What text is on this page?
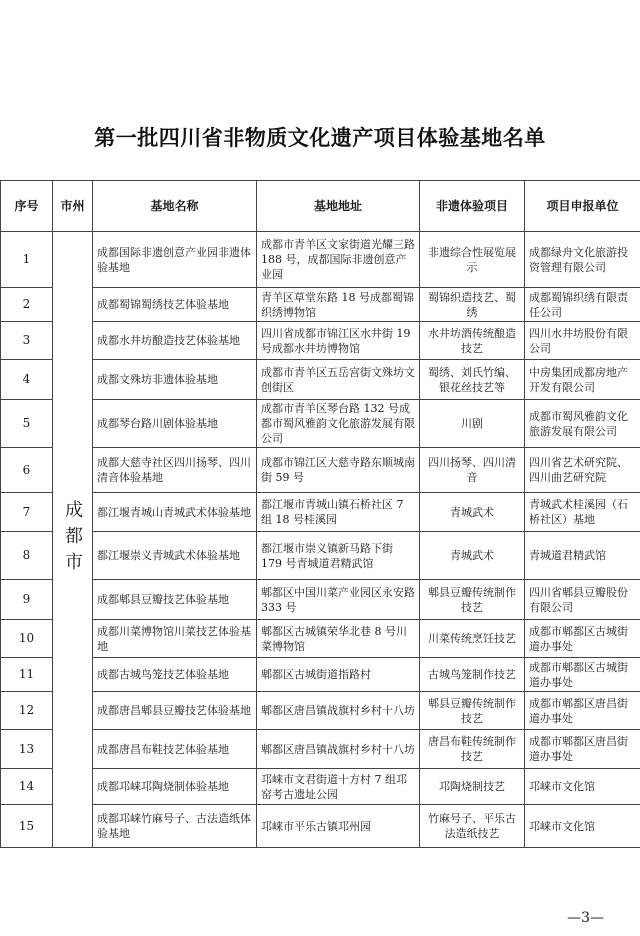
第一批四川省非物质文化遗产项目体验基地名单
序号	市州	基地名称	基地地址	非遗体验项目	项目申报单位
1	成都市	成都国际非遗创意产业园非遗体验基地	成都市青羊区文家街道光耀三路 188 号，成都国际非遗创意产业园	非遗综合性展览展示	成都绿舟文化旅游投资管理有限公司
2		成都蜀锦蜀绣技艺体验基地	青羊区草堂东路 18 号成都蜀锦织绣博物馆	蜀锦织造技艺、蜀绣	成都蜀锦织绣有限责任公司
3		成都水井坊酿造技艺体验基地	四川省成都市锦江区水井街 19 号成都水井坊博物馆	水井坊酒传统酿造技艺	四川水井坊股份有限公司
4		成都文殊坊非遗体验基地	成都市青羊区五岳宫街文殊坊文创街区	蜀绣、刘氏竹编、银花丝技艺等	中房集团成都房地产开发有限公司
5		成都琴台路川剧体验基地	成都市青羊区琴台路 132 号成都市蜀风雅韵文化旅游发展有限公司	川剧	成都市蜀风雅韵文化旅游发展有限公司
6		成都大慈寺社区四川扬琴、四川清音体验基地	成都市锦江区大慈寺路东顺城南街 59 号	四川扬琴、四川清音	四川省艺术研究院、四川曲艺研究院
7		都江堰青城山青城武术体验基地	都江堰市青城山镇石桥社区 7 组 18 号桂溪园	青城武术	青城武术桂溪园（石桥社区）基地
8		都江堰崇义青城武术体验基地	都江堰市崇义镇新马路下街 179 号青城道君精武馆	青城武术	青城道君精武馆
9		成都郫县豆瓣技艺体验基地	郫都区中国川菜产业园区永安路 333 号	郫县豆瓣传统制作技艺	四川省郫县豆瓣股份有限公司
10		成都川菜博物馆川菜技艺体验基地	郫都区古城镇荣华北巷 8 号川菜博物馆	川菜传统烹饪技艺	成都市郫都区古城街道办事处
11		成都古城鸟笼技艺体验基地	郫都区古城街道指路村	古城鸟笼制作技艺	成都市郫都区古城街道办事处
12		成都唐昌郫县豆瓣技艺体验基地	郫都区唐昌镇战旗村乡村十八坊	郫县豆瓣传统制作技艺	成都市郫都区唐昌街道办事处
13		成都唐昌布鞋技艺体验基地	郫都区唐昌镇战旗村乡村十八坊	唐昌布鞋传统制作技艺	成都市郫都区唐昌街道办事处
14		成都邛崃邛陶烧制体验基地	邛崃市文君街道十方村 7 组邛窑考古遗址公园	邛陶烧制技艺	邛崃市文化馆
15		成都邛崃竹麻号子、古法造纸体验基地	邛崃市平乐古镇邛州园	竹麻号子、平乐古法造纸技艺	邛崃市文化馆
—3—
